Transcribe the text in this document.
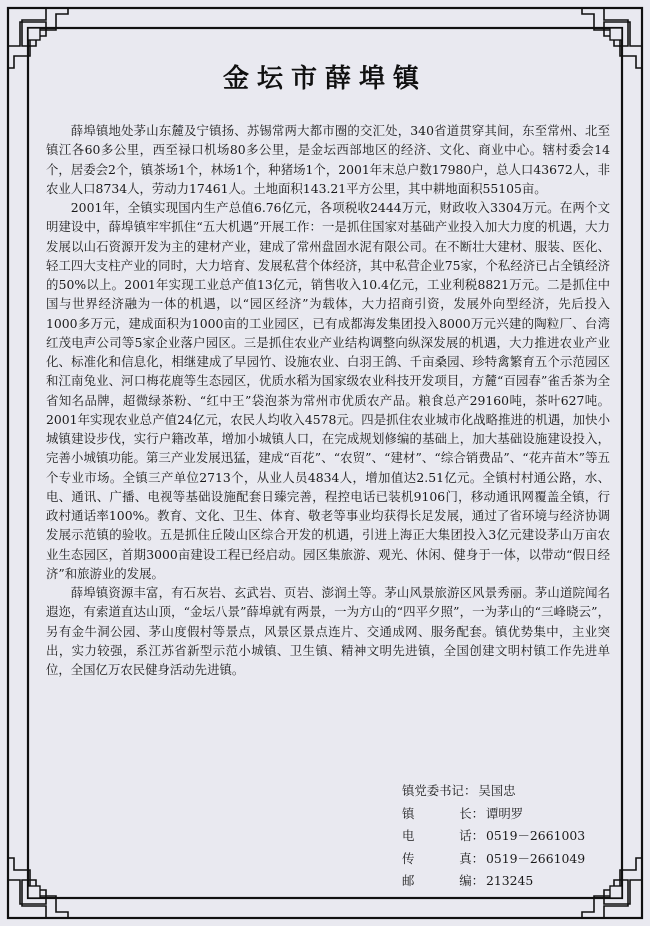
金坛市薛埠镇

薛埠镇地处茅山东麓及宁镇扬、苏锡常两大都市圈的交汇处，340省道贯穿其间，东至常州、北至镇江各60多公里，西至禄口机场80多公里，是金坛西部地区的经济、文化、商业中心。辖村委会14个，居委会2个，镇茶场1个，林场1个，种猪场1个，2001年末总户数17980户，总人口43672人，非农业人口8734人，劳动力17461人。土地面积143.21平方公里，其中耕地面积55105亩。

2001年，全镇实现国内生产总值6.76亿元，各项税收2444万元，财政收入3304万元。在两个文明建设中，薛埠镇牢牢抓住“五大机遇”开展工作：一是抓住国家对基础产业投入加大力度的机遇，大力发展以山石资源开发为主的建材产业，建成了常州盘固水泥有限公司。在不断壮大建材、服装、医化、轻工四大支柱产业的同时，大力培育、发展私营个体经济，其中私营企业75家，个私经济已占全镇经济的50%以上。2001年实现工业总产值13亿元，销售收入10.4亿元，工业利税8821万元。二是抓住中国与世界经济融为一体的机遇，以“园区经济”为载体，大力招商引资，发展外向型经济，先后投入1000多万元，建成面积为1000亩的工业园区，已有成都海发集团投入8000万元兴建的陶粒厂、台湾红茂电声公司等5家企业落户园区。三是抓住农业产业结构调整向纵深发展的机遇，大力推进农业产业化、标准化和信息化，相继建成了早园竹、设施农业、白羽王鸽、千亩桑园、珍特禽繁育五个示范园区和江南兔业、河口梅花鹿等生态园区，优质水稻为国家级农业科技开发项目，方麓“百园春”雀舌茶为全省知名品牌，超微绿茶粉、“红中王”袋泡茶为常州市优质农产品。粮食总产29160吨，茶叶627吨。2001年实现农业总产值24亿元，农民人均收入4578元。四是抓住农业城市化战略推进的机遇，加快小城镇建设步伐，实行户籍改革，增加小城镇人口，在完成规划修编的基础上，加大基础设施建设投入，完善小城镇功能。第三产业发展迅猛，建成“百花”、“农贸”、“建材”、“综合销费品”、“花卉苗木”等五个专业市场。全镇三产单位2713个，从业人员4834人，增加值达2.51亿元。全镇村村通公路，水、电、通讯、广播、电视等基础设施配套日臻完善，程控电话已装机9106门，移动通讯网覆盖全镇，行政村通话率100%。教育、文化、卫生、体育、敬老等事业均获得长足发展，通过了省环境与经济协调发展示范镇的验收。五是抓住丘陵山区综合开发的机遇，引进上海正大集团投入3亿元建设茅山万亩农业生态园区，首期3000亩建设工程已经启动。园区集旅游、观光、休闲、健身于一体，以带动“假日经济”和旅游业的发展。

薛埠镇资源丰富，有石灰岩、玄武岩、页岩、澎润土等。茅山风景旅游区风景秀丽。茅山道院闻名遐迩，有索道直达山顶，“金坛八景”薛埠就有两景，一为方山的“四平夕照”，一为茅山的“三峰晓云”，另有金牛洞公园、茅山度假村等景点，风景区景点连片、交通成网、服务配套。镇优势集中，主业突出，实力较强，系江苏省新型示范小城镇、卫生镇、精神文明先进镇，全国创建文明村镇工作先进单位，全国亿万农民健身活动先进镇。

镇党委书记： 吴国忠
镇	长： 谭明罗
电	话： 0519－2661003
传	真： 0519－2661049
邮	编： 213245
